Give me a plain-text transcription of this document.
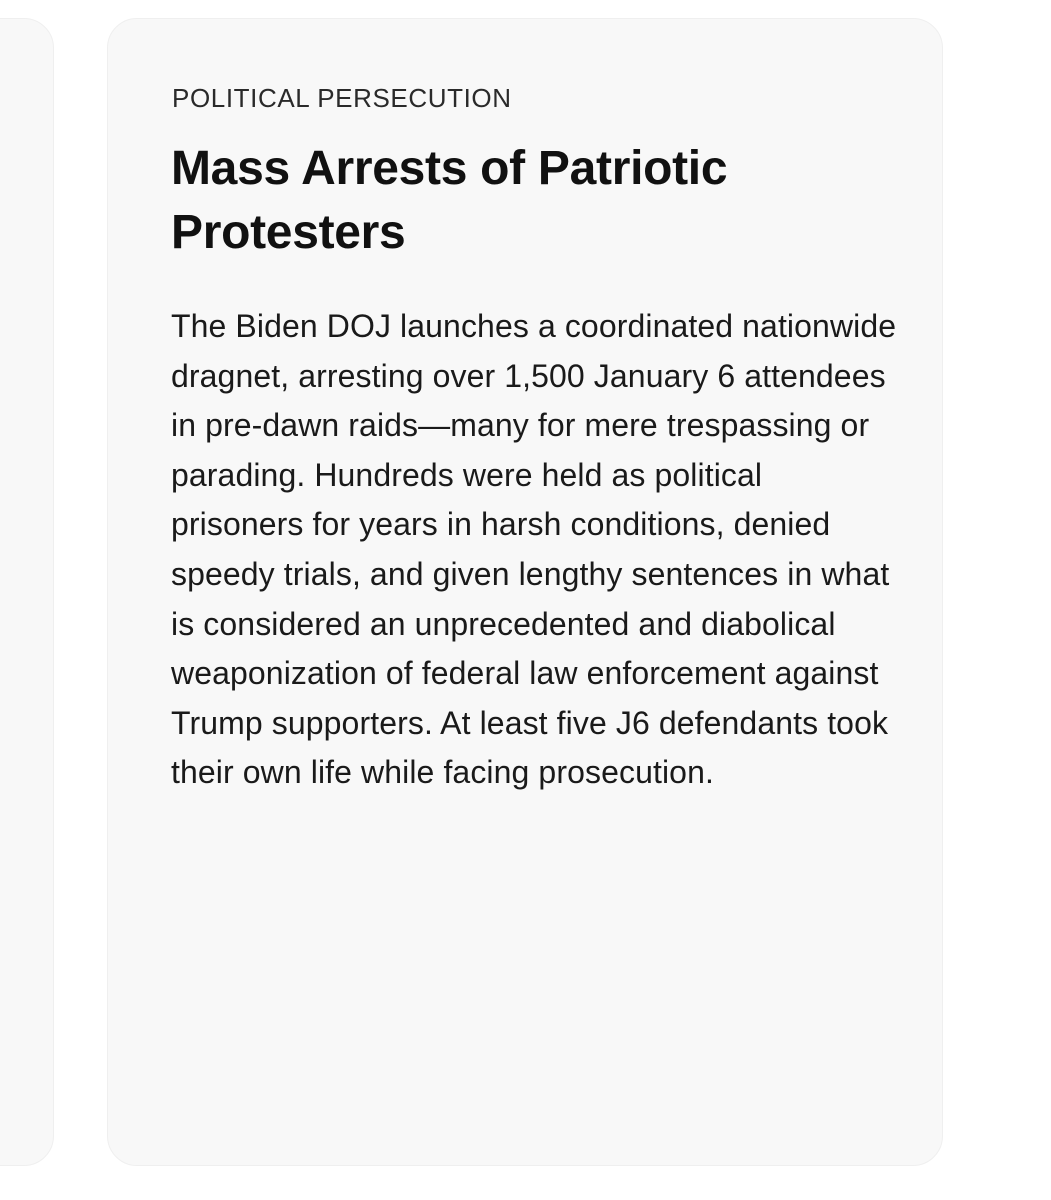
POLITICAL PERSECUTION
Mass Arrests of Patriotic Protesters

The Biden DOJ launches a coordinated nationwide dragnet, arresting over 1,500 January 6 attendees in pre-dawn raids—many for mere trespassing or parading. Hundreds were held as political prisoners for years in harsh conditions, denied speedy trials, and given lengthy sentences in what is considered an unprecedented and diabolical weaponization of federal law enforcement against Trump supporters. At least five J6 defendants took their own life while facing prosecution.
